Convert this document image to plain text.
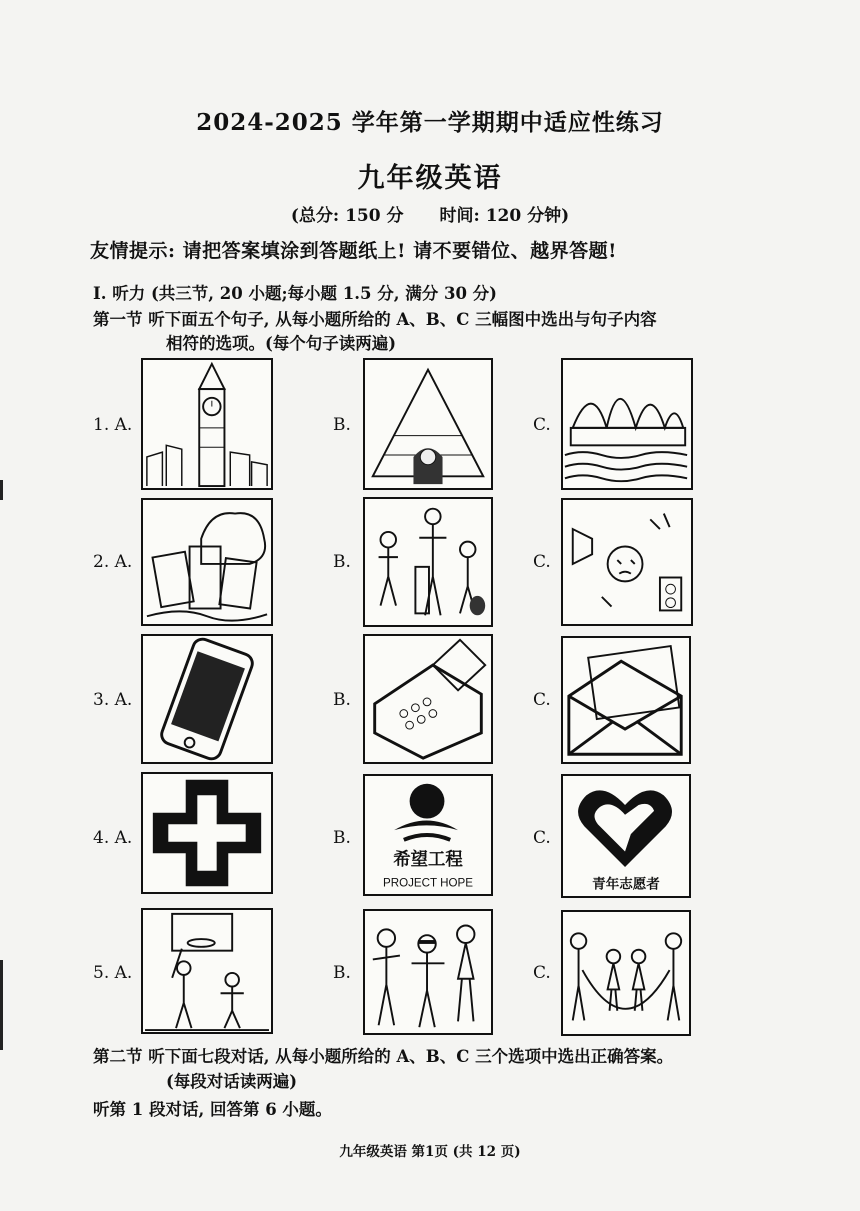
2024-2025 学年第一学期期中适应性练习
九年级英语
(总分: 150 分 时间: 120 分钟)
友情提示: 请把答案填涂到答题纸上! 请不要错位、越界答题!
I. 听力 (共三节, 20 小题;每小题 1.5 分, 满分 30 分)
第一节 听下面五个句子, 从每小题所给的 A、B、C 三幅图中选出与句子内容
相符的选项。(每个句子读两遍)
1. A.	B.	C.
2. A.	B.	C.
3. A.	B.	C.
4. A.	B.
希望工程
PROJECT HOPE
C.
青年志愿者
5. A.	B.	C.
第二节 听下面七段对话, 从每小题所给的 A、B、C 三个选项中选出正确答案。
(每段对话读两遍)
听第 1 段对话, 回答第 6 小题。
九年级英语 第1页 (共 12 页)
